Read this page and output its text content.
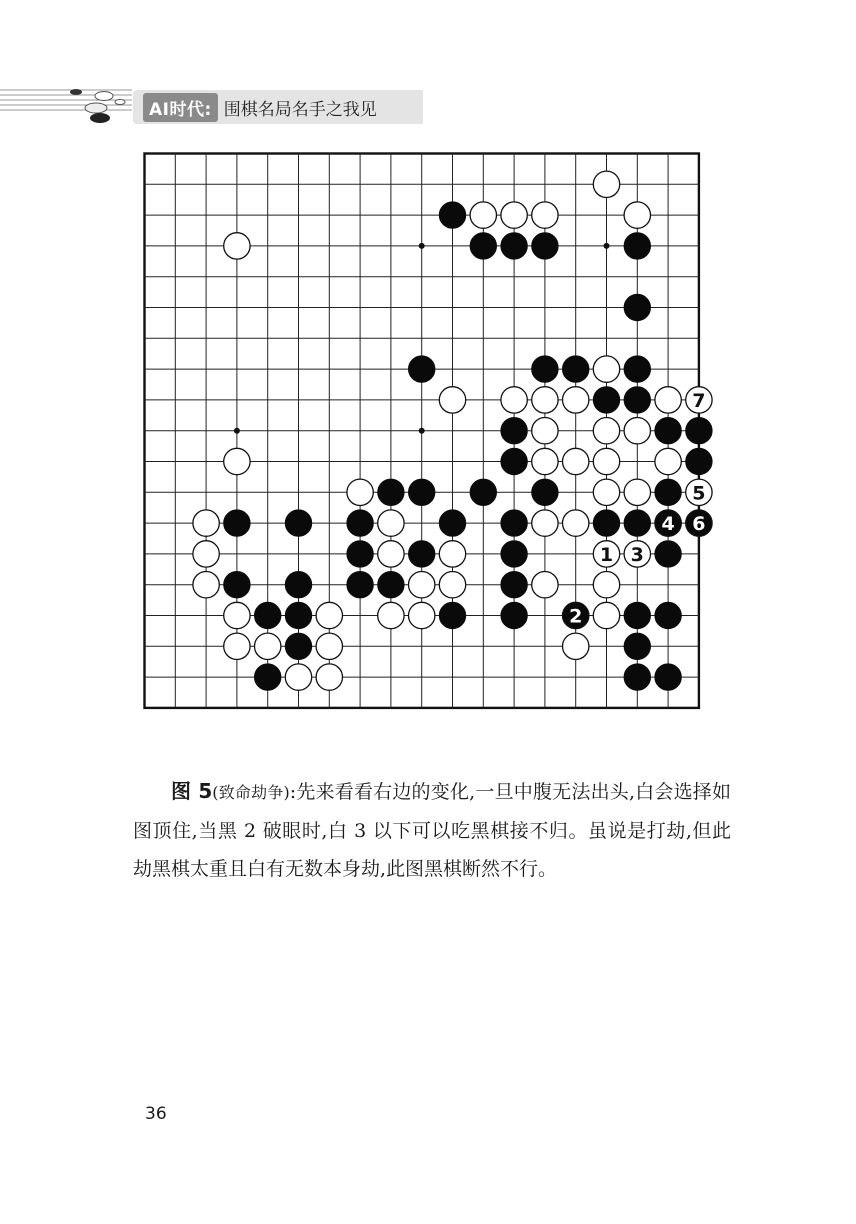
AI时代: 围棋名局名手之我见
7
5
4 6
1 3
2
图 5(致命劫争):先来看看右边的变化,一旦中腹无法出头,白会选择如图顶住,当黑 2 破眼时,白 3 以下可以吃黑棋接不归。虽说是打劫,但此劫黑棋太重且白有无数本身劫,此图黑棋断然不行。
36
